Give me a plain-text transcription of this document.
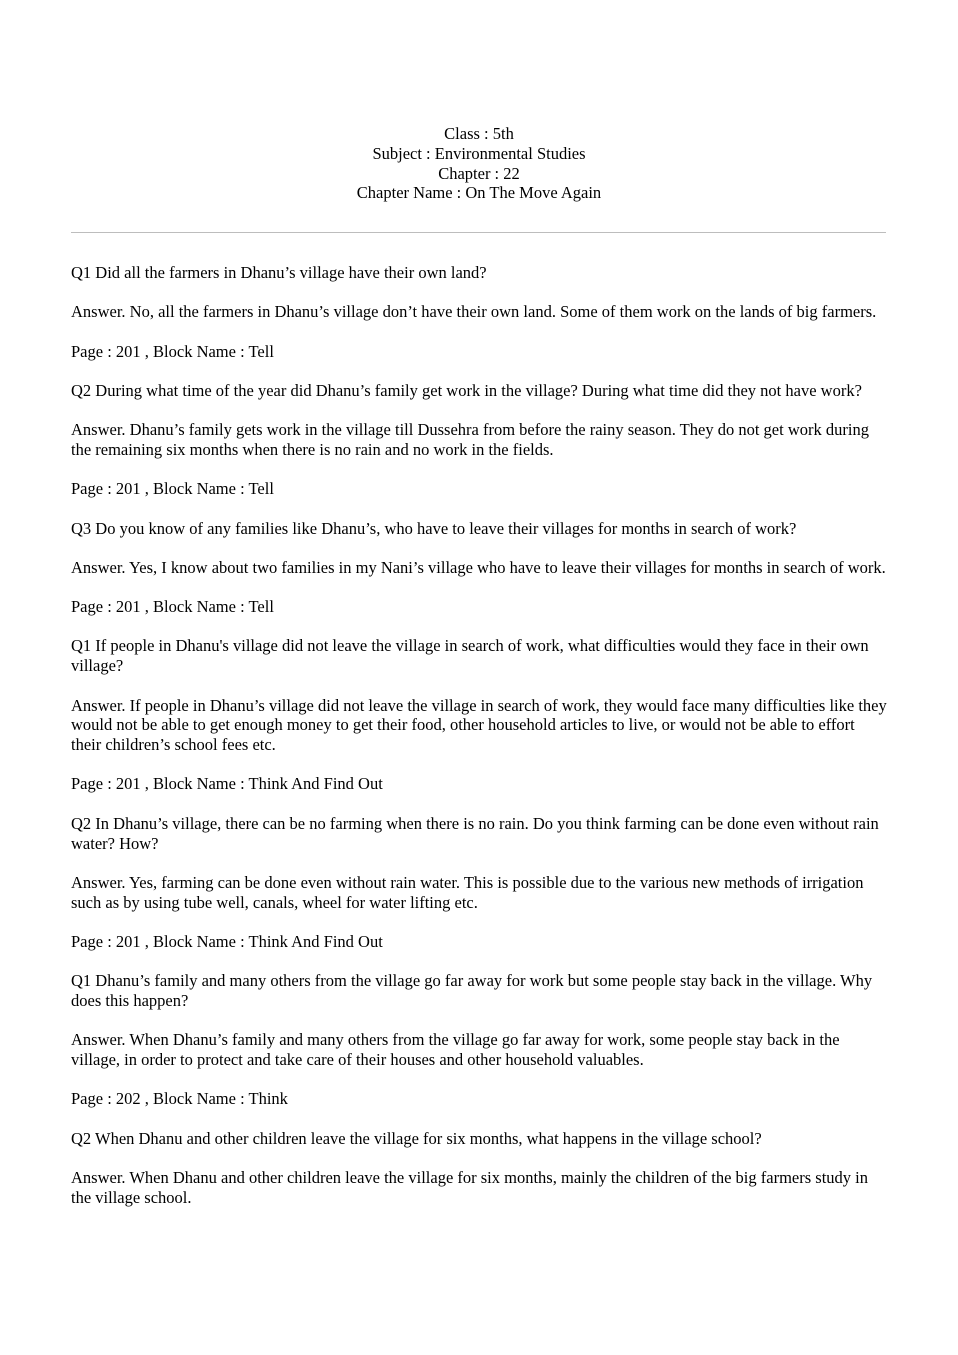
Class : 5th
Subject : Environmental Studies
Chapter : 22
Chapter Name : On The Move Again

Q1 Did all the farmers in Dhanu’s village have their own land?

Answer. No, all the farmers in Dhanu’s village don’t have their own land. Some of them work on the lands of big farmers.

Page : 201 , Block Name : Tell

Q2 During what time of the year did Dhanu’s family get work in the village? During what time did they not have work?

Answer. Dhanu’s family gets work in the village till Dussehra from before the rainy season. They do not get work during the remaining six months when there is no rain and no work in the fields.

Page : 201 , Block Name : Tell

Q3 Do you know of any families like Dhanu’s, who have to leave their villages for months in search of work?

Answer. Yes, I know about two families in my Nani’s village who have to leave their villages for months in search of work.

Page : 201 , Block Name : Tell

Q1 If people in Dhanu's village did not leave the village in search of work, what difficulties would they face in their own village?

Answer. If people in Dhanu’s village did not leave the village in search of work, they would face many difficulties like they would not be able to get enough money to get their food, other household articles to live, or would not be able to effort their children’s school fees etc.

Page : 201 , Block Name : Think And Find Out

Q2 In Dhanu’s village, there can be no farming when there is no rain. Do you think farming can be done even without rain water? How?

Answer. Yes, farming can be done even without rain water. This is possible due to the various new methods of irrigation such as by using tube well, canals, wheel for water lifting etc.

Page : 201 , Block Name : Think And Find Out

Q1 Dhanu’s family and many others from the village go far away for work but some people stay back in the village. Why does this happen?

Answer. When Dhanu’s family and many others from the village go far away for work, some people stay back in the village, in order to protect and take care of their houses and other household valuables.

Page : 202 , Block Name : Think

Q2 When Dhanu and other children leave the village for six months, what happens in the village school?

Answer. When Dhanu and other children leave the village for six months, mainly the children of the big farmers study in the village school.
